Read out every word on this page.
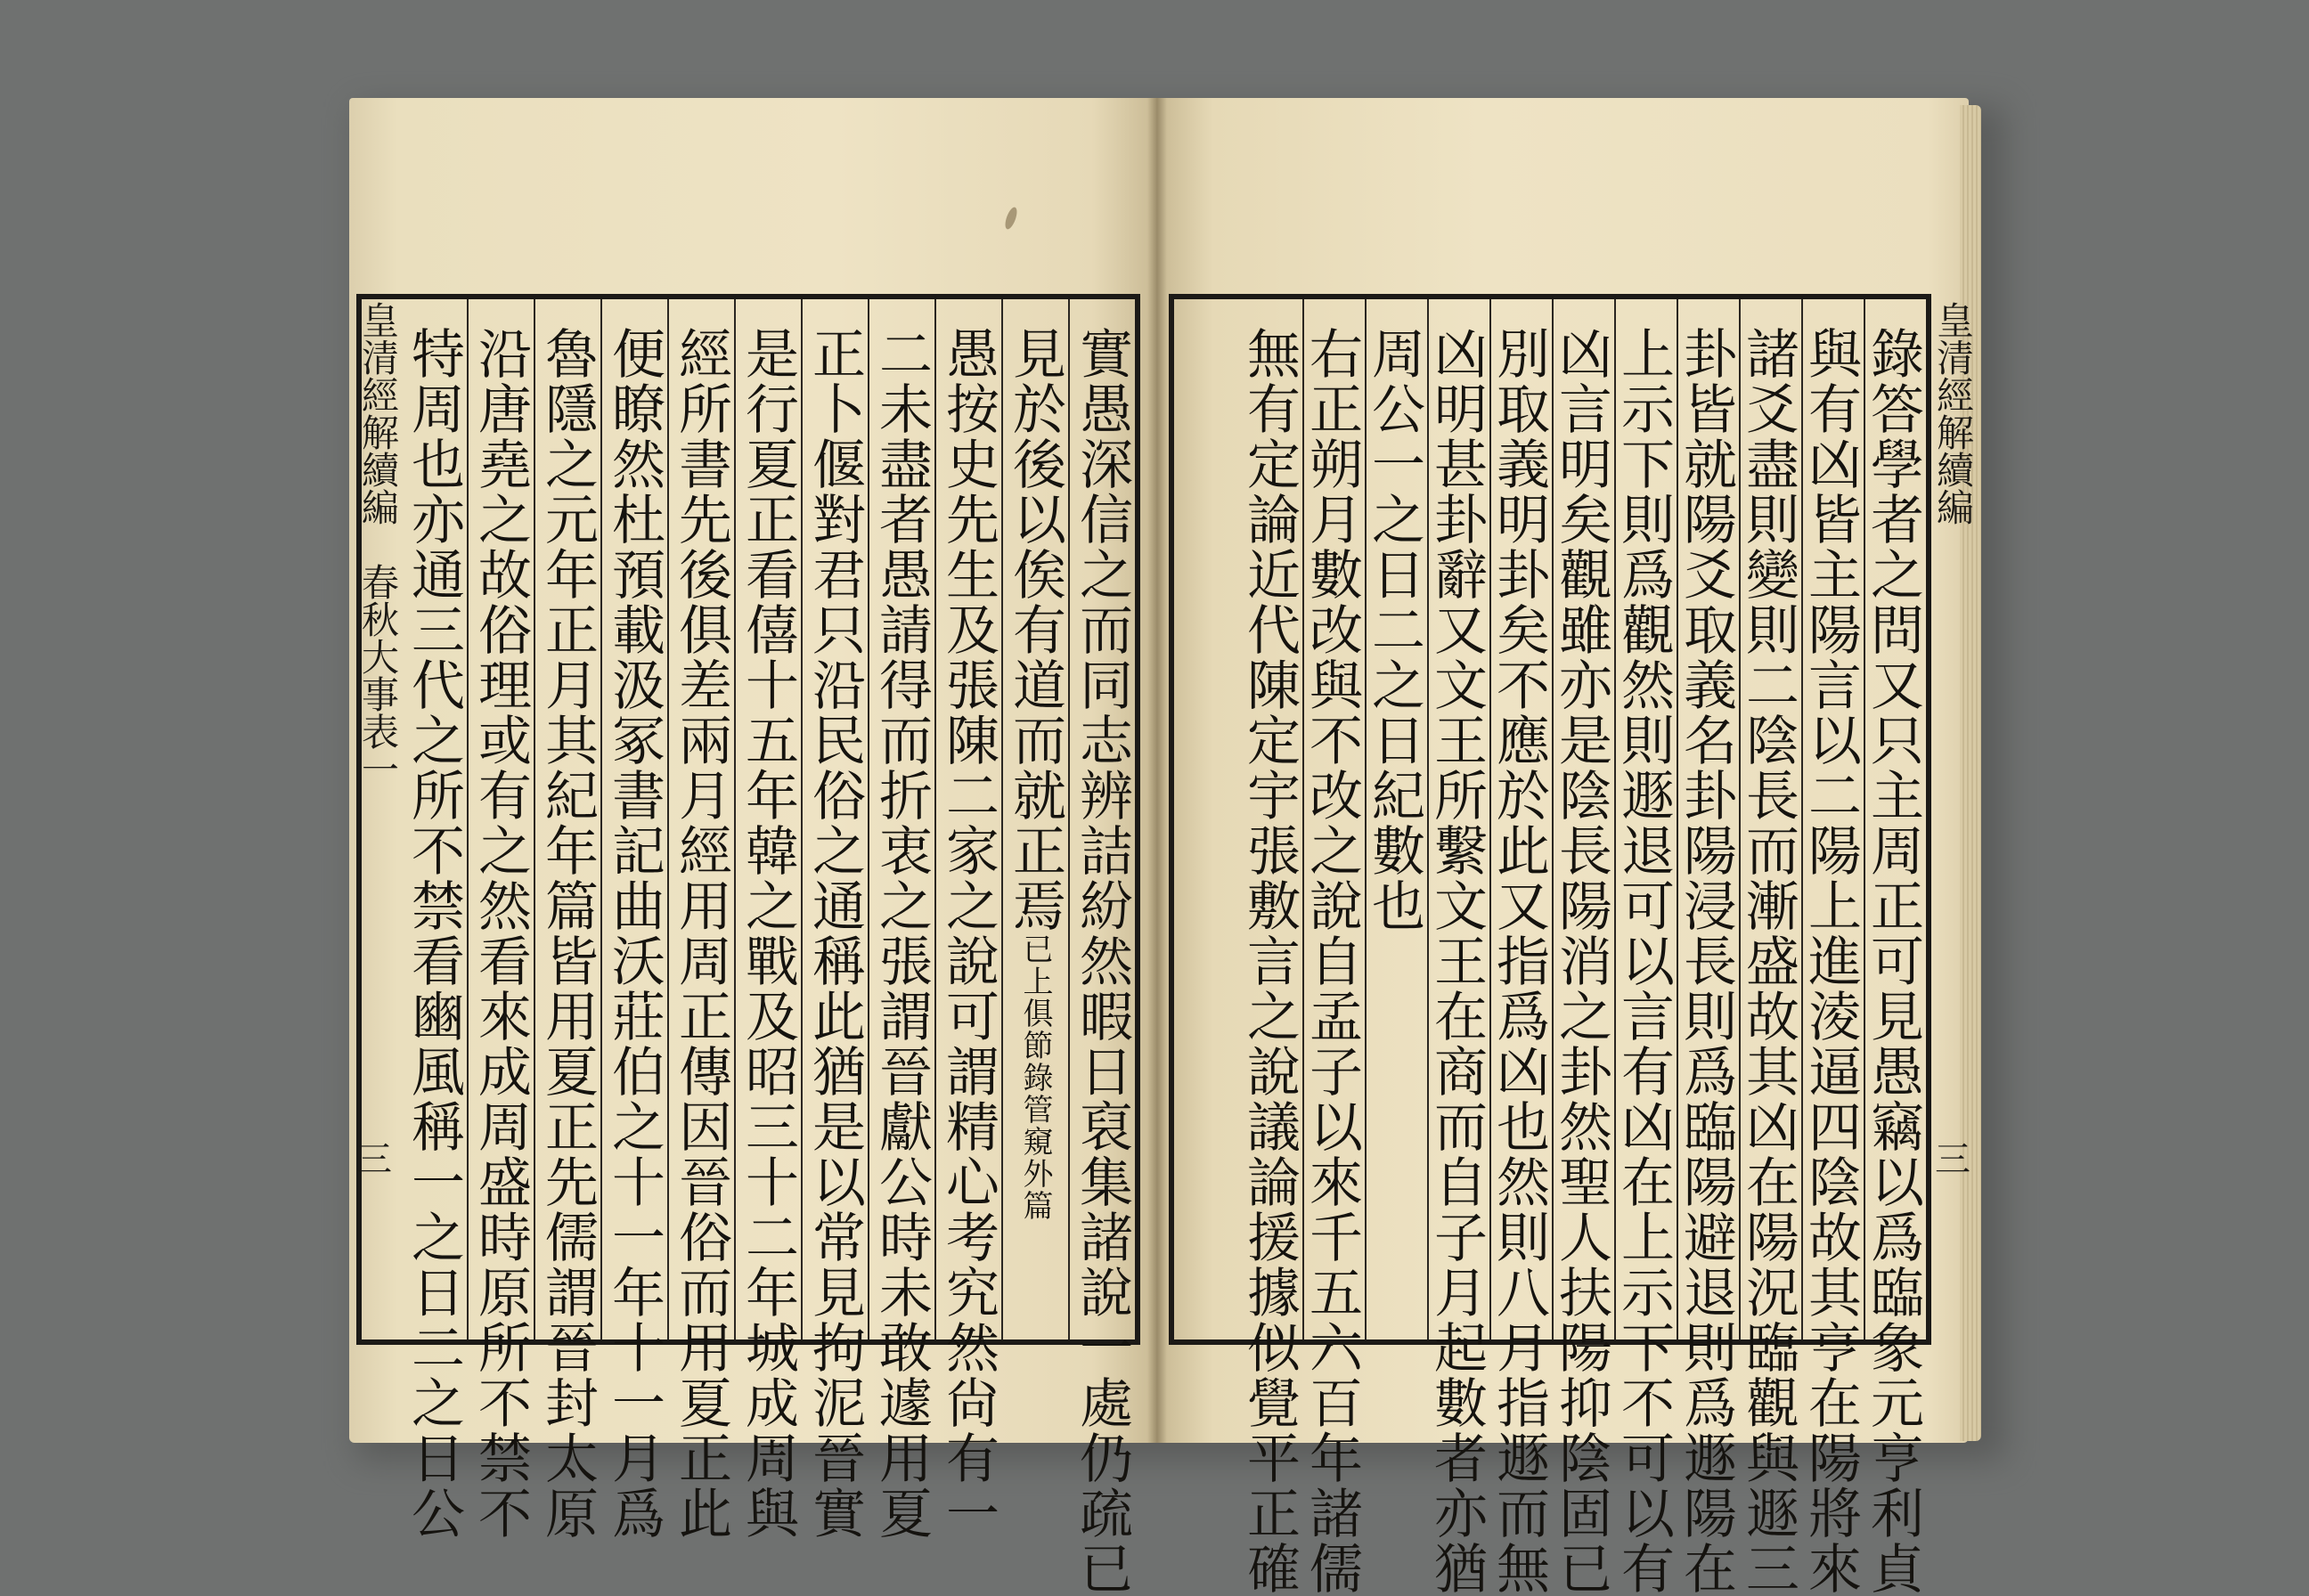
實愚深信之而同志辨詰紛然暇日裒集諸說一處仍疏已
見於後以俟有道而就正焉已上俱節錄管窺外篇
愚按史先生及張陳二家之說可謂精心考究然尙有一
二未盡者愚請得而折衷之張謂晉獻公時未敢遽用夏
正卜偃對君只沿民俗之通稱此猶是以常見拘泥晉實
是行夏正看僖十五年韓之戰及昭三十二年城成周與
經所書先後俱差兩月經用周正傳因晉俗而用夏正此
便瞭然杜預載汲冢書記曲沃莊伯之十一年十一月爲
魯隱之元年正月其紀年篇皆用夏正先儒謂晉封太原
沿唐堯之故俗理或有之然看來成周盛時原所不禁不
特周也亦通三代之所不禁看豳風稱一之日二之日公	錄答學者之問又只主周正可見愚竊以爲臨象元亨利貞
與有凶皆主陽言以二陽上進淩逼四陰故其亨在陽將來
諸爻盡則變則二陰長而漸盛故其凶在陽況臨觀與遯三
卦皆就陽爻取義名卦陽浸長則爲臨陽避退則爲遯陽在
上示下則爲觀然則遯退可以言有凶在上示下不可以有
凶言明矣觀雖亦是陰長陽消之卦然聖人扶陽抑陰固已
別取義明卦矣不應於此又指爲凶也然則八月指遯而無
凶明甚卦辭又文王所繫文王在商而自子月起數者亦猶
周公一之日二之日紀數也
右正朔月數改與不改之說自孟子以來千五六百年諸儒
無有定論近代陳定宇張敷言之說議論援據似覺平正確
皇清經解續編　春秋大事表一
皇清經解續編
三	三
